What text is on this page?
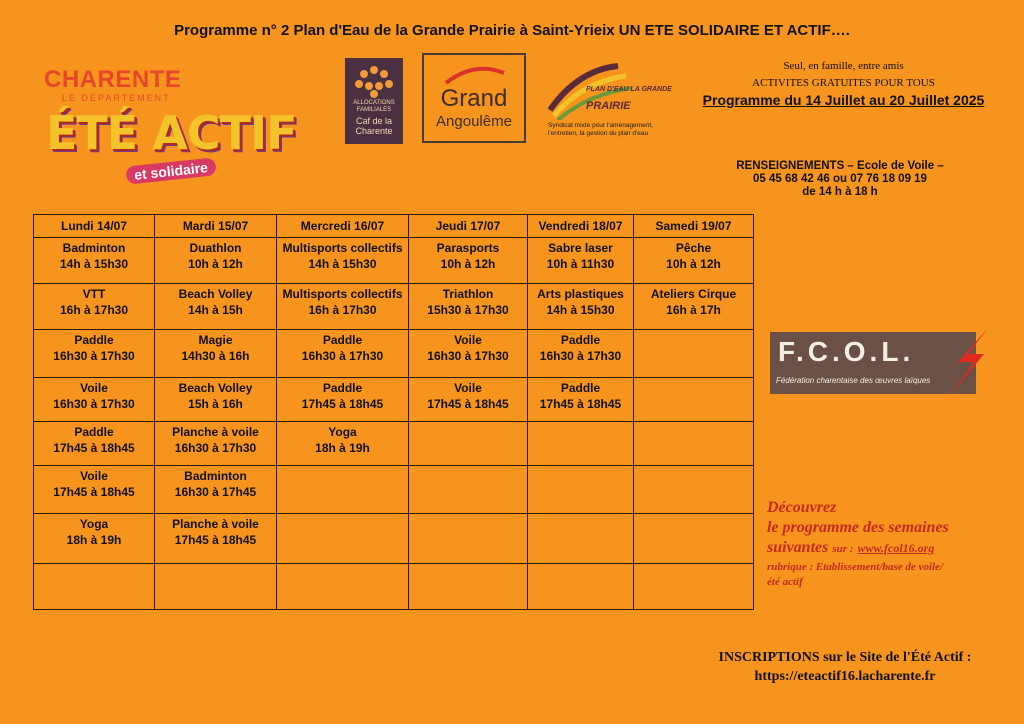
Programme n° 2 Plan d'Eau de la Grande Prairie à Saint-Yrieix UN ETE SOLIDAIRE ET ACTIF….
CHARENTE
LE DÉPARTEMENT
ÉTÉ ACTIF
et solidaire
ALLOCATIONS FAMILIALES
Caf de la Charente
Grand
Angoulême
PLAN D'EAU LA GRANDE
PRAIRIE
Syndicat mixte pour l'aménagement, l'entretien, la gestion du plan d'eau
Seul, en famille, entre amis
ACTIVITES GRATUITES POUR TOUS
Programme du 14 Juillet au 20 Juillet 2025
RENSEIGNEMENTS – Ecole de Voile –
05 45 68 42 46 ou 07 76 18 09 19
de 14 h à 18 h
Lundi 14/07	Mardi 15/07	Mercredi 16/07	Jeudi 17/07	Vendredi 18/07	Samedi 19/07

Badminton
14h à 15h30	Duathlon
10h à 12h	Multisports collectifs
14h à 15h30	Parasports
10h à 12h	Sabre laser
10h à 11h30	Pêche
10h à 12h

VTT
16h à 17h30	Beach Volley
14h à 15h	Multisports collectifs
16h à 17h30	Triathlon
15h30 à 17h30	Arts plastiques
14h à 15h30	Ateliers Cirque
16h à 17h

Paddle
16h30 à 17h30	Magie
14h30 à 16h	Paddle
16h30 à 17h30	Voile
16h30 à 17h30	Paddle
16h30 à 17h30	

Voile
16h30 à 17h30	Beach Volley
15h à 16h	Paddle
17h45 à 18h45	Voile
17h45 à 18h45	Paddle
17h45 à 18h45	

Paddle
17h45 à 18h45	Planche à voile
16h30 à 17h30	Yoga
18h à 19h			

Voile
17h45 à 18h45	Badminton
16h30 à 17h45				

Yoga
18h à 19h	Planche à voile
17h45 à 18h45				

F.C.O.L.
Fédération charentaise des œuvres laïques
Découvrez
le programme des semaines
suivantes sur : www.fcol16.org
rubrique : Etablissement/base de voile/
été actif
INSCRIPTIONS sur le Site de l'Été Actif :
https://eteactif16.lacharente.fr
